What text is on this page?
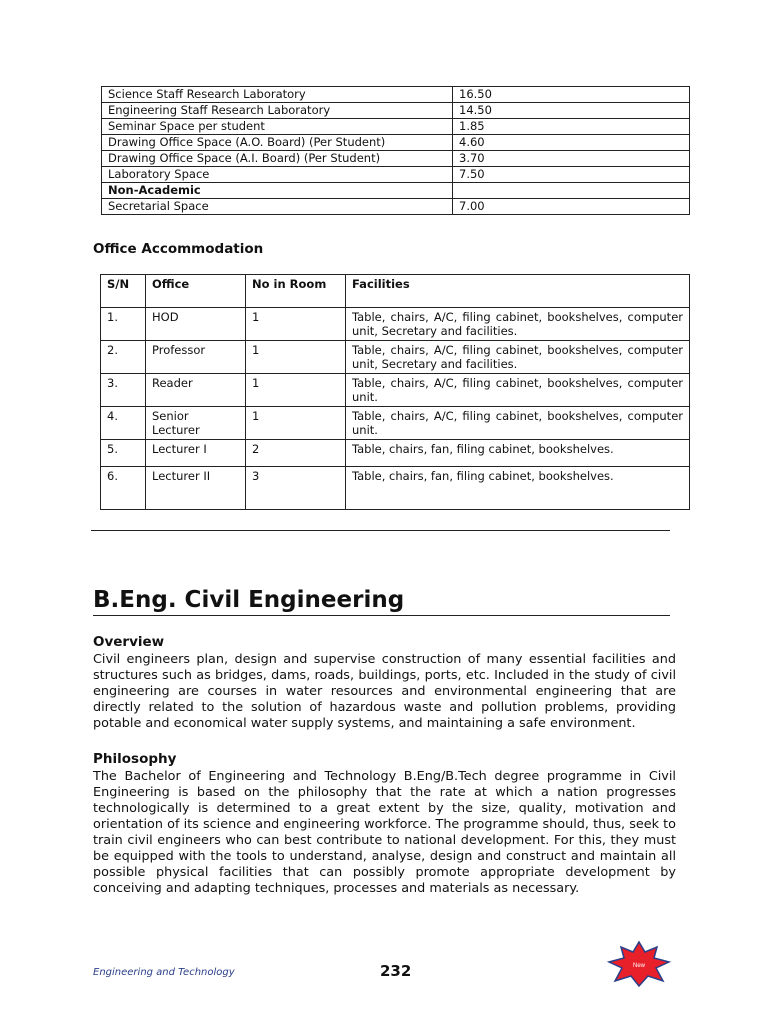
Science Staff Research Laboratory	16.50
Engineering Staff Research Laboratory	14.50
Seminar Space per student	1.85
Drawing Office Space (A.O. Board) (Per Student)	4.60
Drawing Office Space (A.I. Board) (Per Student)	3.70
Laboratory Space	7.50
Non-Academic	
Secretarial Space	7.00
Office Accommodation
S/N	Office	No in Room	Facilities
1.	HOD	1	Table, chairs, A/C, filing cabinet, bookshelves, computer unit, Secretary and facilities.
2.	Professor	1	Table, chairs, A/C, filing cabinet, bookshelves, computer unit, Secretary and facilities.
3.	Reader	1	Table, chairs, A/C, filing cabinet, bookshelves, computer unit.
4.	Senior Lecturer	1	Table, chairs, A/C, filing cabinet, bookshelves, computer unit.
5.	Lecturer I	2	Table, chairs, fan, filing cabinet, bookshelves.
6.	Lecturer II	3	Table, chairs, fan, filing cabinet, bookshelves.
B.Eng. Civil Engineering
Overview

Civil engineers plan, design and supervise construction of many essential facilities and structures such as bridges, dams, roads, buildings, ports, etc. Included in the study of civil engineering are courses in water resources and environmental engineering that are directly related to the solution of hazardous waste and pollution problems, providing potable and economical water supply systems, and maintaining a safe environment.

Philosophy

The Bachelor of Engineering and Technology B.Eng/B.Tech degree programme in Civil Engineering is based on the philosophy that the rate at which a nation progresses technologically is determined to a great extent by the size, quality, motivation and orientation of its science and engineering workforce. The programme should, thus, seek to train civil engineers who can best contribute to national development. For this, they must be equipped with the tools to understand, analyse, design and construct and maintain all possible physical facilities that can possibly promote appropriate development by conceiving and adapting techniques, processes and materials as necessary.

Engineering and Technology	232	New
